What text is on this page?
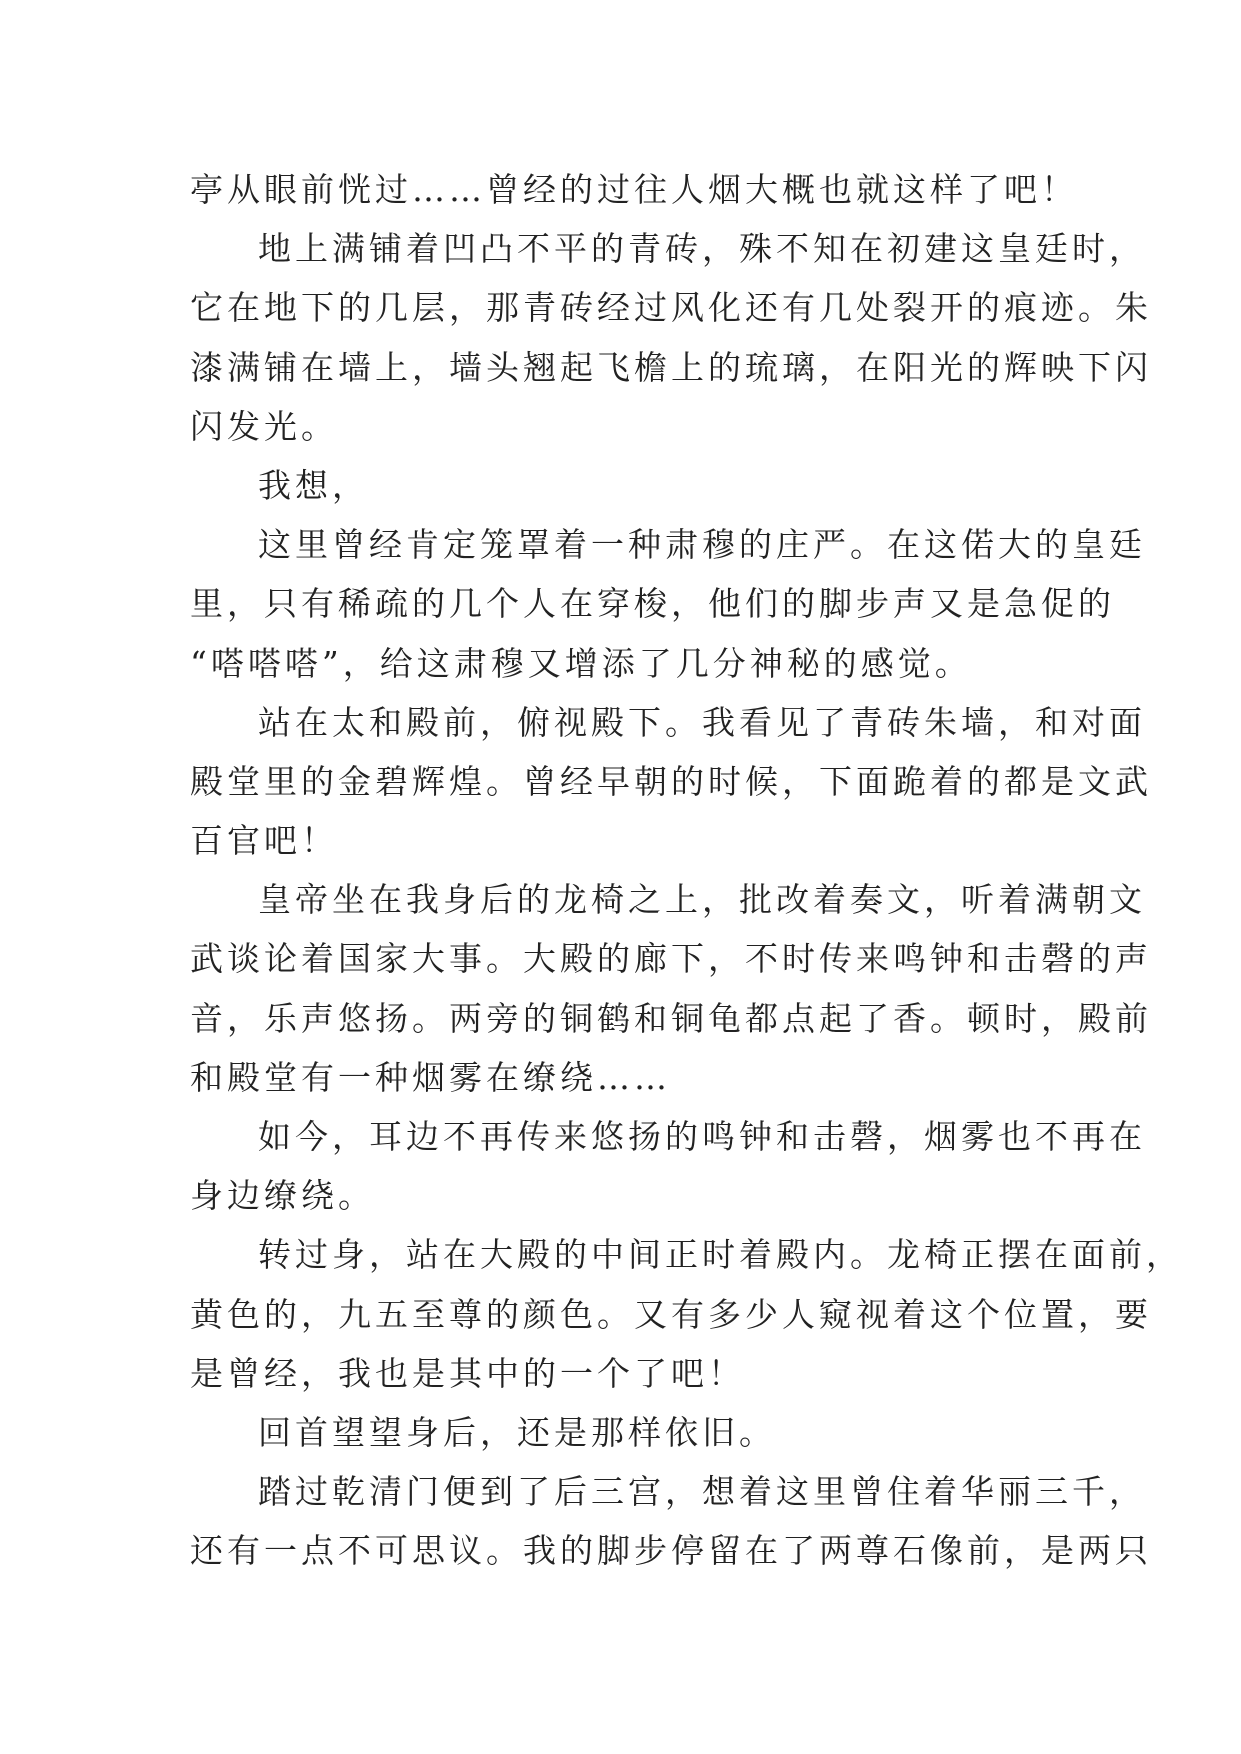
亭从眼前恍过……曾经的过往人烟大概也就这样了吧！
地上满铺着凹凸不平的青砖，殊不知在初建这皇廷时，
它在地下的几层，那青砖经过风化还有几处裂开的痕迹。朱
漆满铺在墙上，墙头翘起飞檐上的琉璃，在阳光的辉映下闪
闪发光。
我想，
这里曾经肯定笼罩着一种肃穆的庄严。在这偌大的皇廷
里，只有稀疏的几个人在穿梭，他们的脚步声又是急促的
“嗒嗒嗒”，给这肃穆又增添了几分神秘的感觉。
站在太和殿前，俯视殿下。我看见了青砖朱墙，和对面
殿堂里的金碧辉煌。曾经早朝的时候，下面跪着的都是文武
百官吧！
皇帝坐在我身后的龙椅之上，批改着奏文，听着满朝文
武谈论着国家大事。大殿的廊下，不时传来鸣钟和击磬的声
音，乐声悠扬。两旁的铜鹤和铜龟都点起了香。顿时，殿前
和殿堂有一种烟雾在缭绕……
如今，耳边不再传来悠扬的鸣钟和击磬，烟雾也不再在
身边缭绕。
转过身，站在大殿的中间正时着殿内。龙椅正摆在面前，
黄色的，九五至尊的颜色。又有多少人窥视着这个位置，要
是曾经，我也是其中的一个了吧！
回首望望身后，还是那样依旧。
踏过乾清门便到了后三宫，想着这里曾住着华丽三千，
还有一点不可思议。我的脚步停留在了两尊石像前，是两只
